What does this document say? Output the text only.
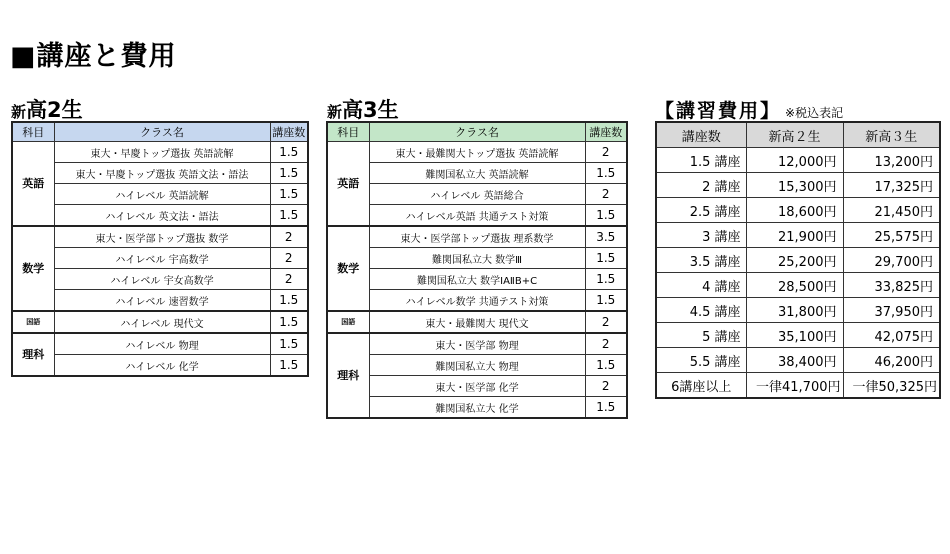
■講座と費用
新高2生
科目	クラス名	講座数
英語	東大・早慶トップ選抜 英語読解	1.5
	東大・早慶トップ選抜 英語文法・語法	1.5
	ハイレベル 英語読解	1.5
	ハイレベル 英文法・語法	1.5
数学	東大・医学部トップ選抜 数学	2
	ハイレベル 宇高数学	2
	ハイレベル 宇女高数学	2
	ハイレベル 速習数学	1.5
国語	ハイレベル 現代文	1.5
理科	ハイレベル 物理	1.5
	ハイレベル 化学	1.5
新高3生
科目	クラス名	講座数
英語	東大・最難関大トップ選抜 英語読解	2
	難関国私立大 英語読解	1.5
	ハイレベル 英語総合	2
	ハイレベル英語 共通テスト対策	1.5
数学	東大・医学部トップ選抜 理系数学	3.5
	難関国私立大 数学Ⅲ	1.5
	難関国私立大 数学ⅠAⅡB+C	1.5
	ハイレベル数学 共通テスト対策	1.5
国語	東大・最難関大 現代文	2
理科	東大・医学部 物理	2
	難関国私立大 物理	1.5
	東大・医学部 化学	2
	難関国私立大 化学	1.5
【講習費用】 ※税込表記
講座数	新高２生	新高３生
1.5 講座	12,000円	13,200円
2 講座	15,300円	17,325円
2.5 講座	18,600円	21,450円
3 講座	21,900円	25,575円
3.5 講座	25,200円	29,700円
4 講座	28,500円	33,825円
4.5 講座	31,800円	37,950円
5 講座	35,100円	42,075円
5.5 講座	38,400円	46,200円
6講座以上	一律41,700円	一律50,325円
